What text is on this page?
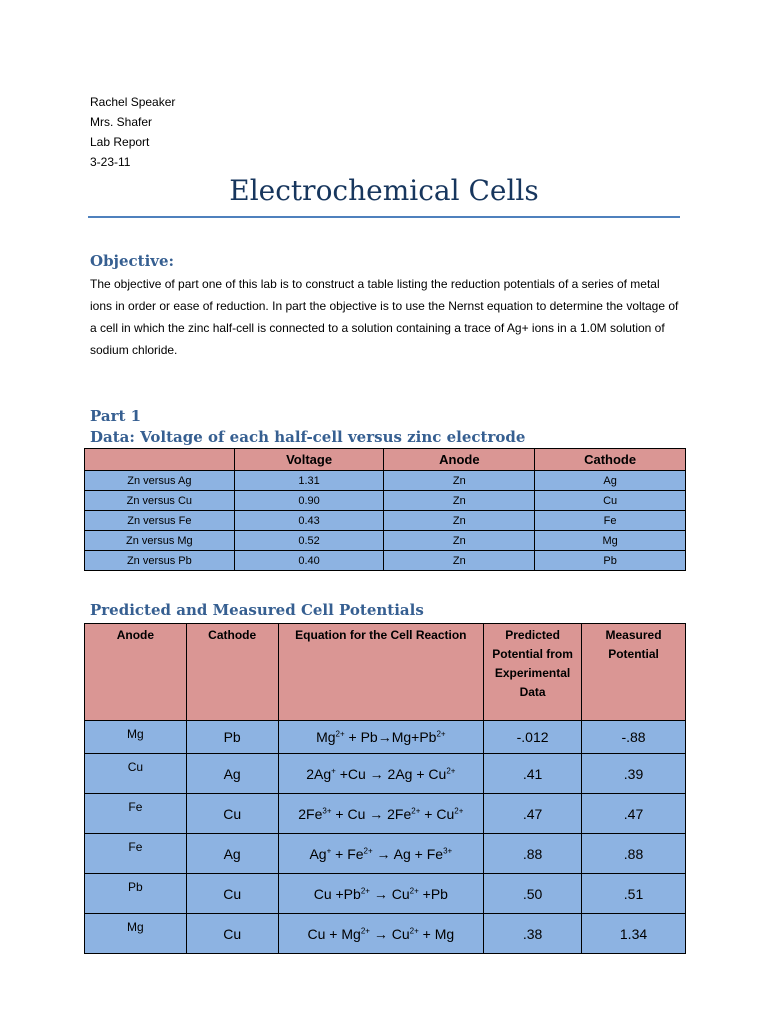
Rachel Speaker
Mrs. Shafer
Lab Report
3-23-11
Electrochemical Cells
Objective:
The objective of part one of this lab is to construct a table listing the reduction potentials of a series of metal ions in order or ease of reduction. In part the objective is to use the Nernst equation to determine the voltage of a cell in which the zinc half-cell is connected to a solution containing a trace of Ag+ ions in a 1.0M solution of sodium chloride.
Part 1
Data: Voltage of each half-cell versus zinc electrode
	Voltage	Anode	Cathode
Zn versus Ag	1.31	Zn	Ag
Zn versus Cu	0.90	Zn	Cu
Zn versus Fe	0.43	Zn	Fe
Zn versus Mg	0.52	Zn	Mg
Zn versus Pb	0.40	Zn	Pb
Predicted and Measured Cell Potentials
Anode	Cathode	Equation for the Cell Reaction	Predicted Potential from Experimental Data	Measured Potential
Mg	Pb	$Mg^{2+} + Pb\to Mg+Pb^{2+}$	-.012	-.88
Cu	Ag	$2Ag^+ +Cu \to 2Ag + Cu^{2+}$	.41	.39
Fe	Cu	$2Fe^{3+} + Cu \to 2Fe^{2+} + Cu^{2+}$	.47	.47
Fe	Ag	$Ag^+ + Fe^{2+} \to Ag + Fe^{3+}$	.88	.88
Pb	Cu	$Cu +Pb^{2+} \to Cu^{2+} +Pb$	.50	.51
Mg	Cu	$Cu + Mg^{2+} \to Cu^{2+} + Mg$	.38	1.34
